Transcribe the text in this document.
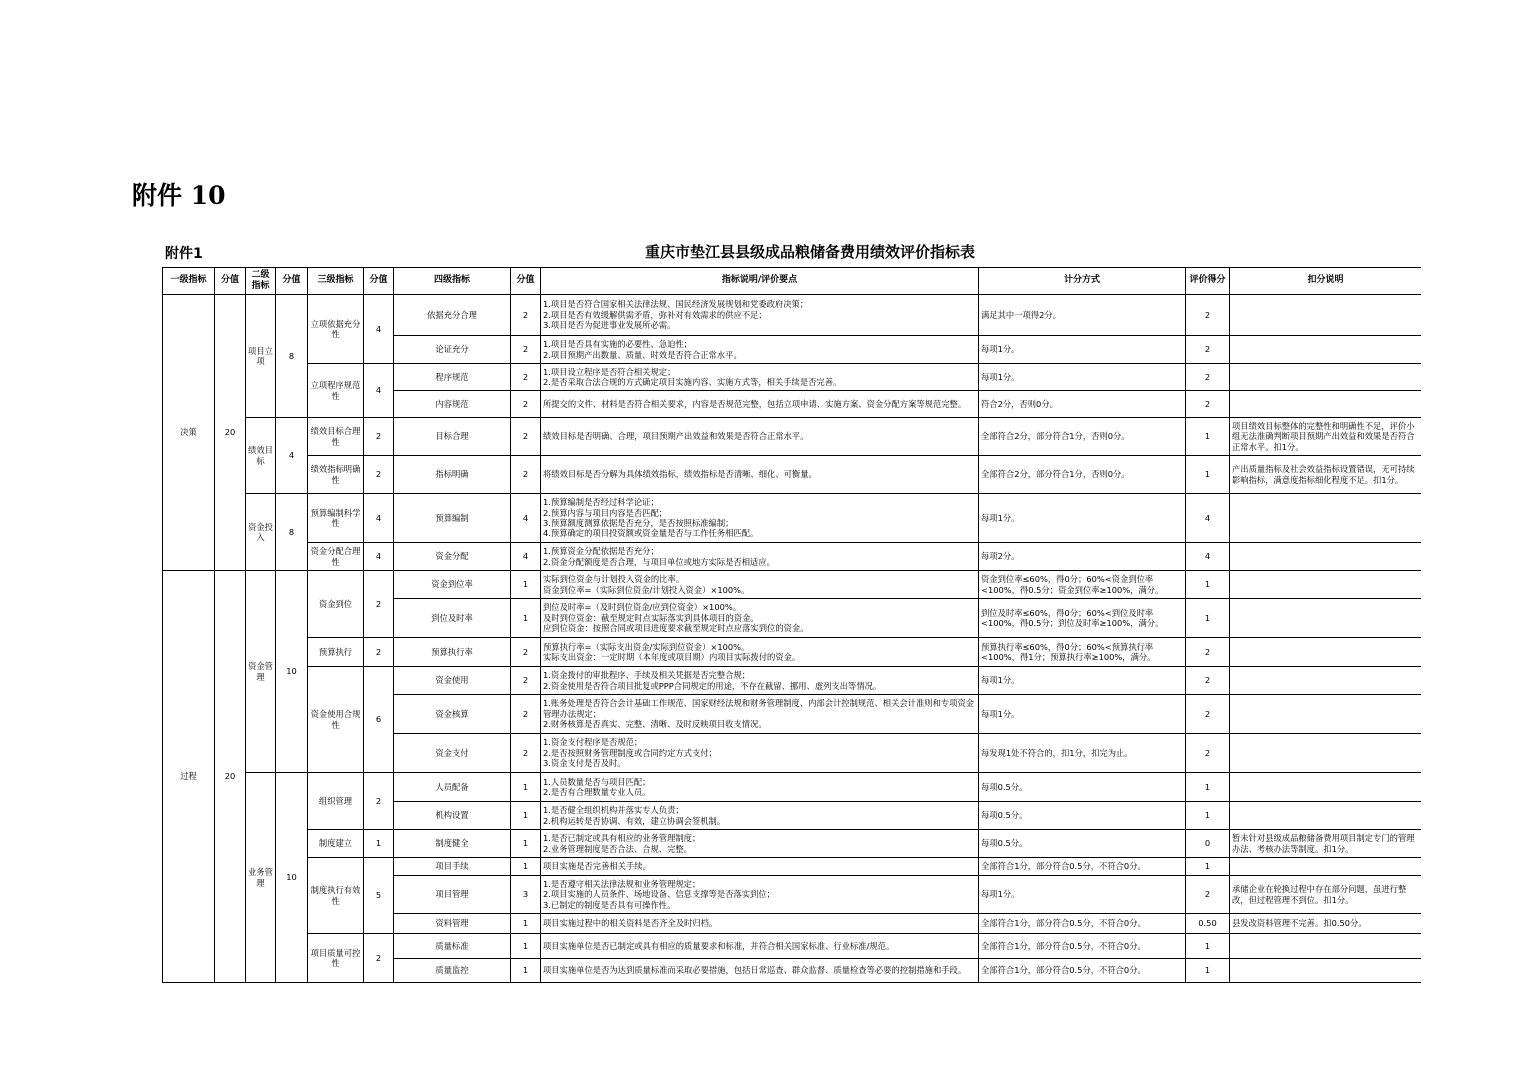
附件 10
附件1	重庆市垫江县县级成品粮储备费用绩效评价指标表
一级指标	分值	二级指标	分值	三级指标	分值	四级指标	分值	指标说明/评价要点	计分方式	评价得分	扣分说明
决策	20	项目立项	8	立项依据充分性	4	依据充分合理	2	1.项目是否符合国家相关法律法规、国民经济发展规划和党委政府决策；
2.项目是否有效缓解供需矛盾，弥补对有效需求的供应不足；
3.项目是否为促进事业发展所必需。	满足其中一项得2分。	2	
						论证充分	2	1.项目是否具有实施的必要性、急迫性；
2.项目预期产出数量、质量、时效是否符合正常水平。	每项1分。	2	
				立项程序规范性	4	程序规范	2	1.项目设立程序是否符合相关规定；
2.是否采取合法合规的方式确定项目实施内容、实施方式等，相关手续是否完善。	每项1分。	2	
						内容规范	2	所提交的文件、材料是否符合相关要求，内容是否规范完整，包括立项申请、实施方案、资金分配方案等规范完整。	符合2分，否则0分。	2	
		绩效目标	4	绩效目标合理性	2	目标合理	2	绩效目标是否明确、合理，项目预期产出效益和效果是否符合正常水平。	全部符合2分，部分符合1分，否则0分。	1	项目绩效目标整体的完整性和明确性不足，评价小组无法准确判断项目预期产出效益和效果是否符合正常水平。扣1分。
				绩效指标明确性	2	指标明确	2	将绩效目标是否分解为具体绩效指标，绩效指标是否清晰、细化、可衡量。	全部符合2分，部分符合1分，否则0分。	1	产出质量指标及社会效益指标设置错误，无可持续影响指标，满意度指标细化程度不足。扣1分。
		资金投入	8	预算编制科学性	4	预算编制	4	1.预算编制是否经过科学论证；
2.预算内容与项目内容是否匹配；
3.预算额度测算依据是否充分，是否按照标准编制；
4.预算确定的项目投资额或资金量是否与工作任务相匹配。	每项1分。	4	
				资金分配合理性	4	资金分配	4	1.预算资金分配依据是否充分；
2.资金分配额度是否合理，与项目单位或地方实际是否相适应。	每项2分。	4	
过程	20	资金管理	10	资金到位	2	资金到位率	1	实际到位资金与计划投入资金的比率。
资金到位率=（实际到位资金/计划投入资金）×100%。	资金到位率≤60%，得0分；60%<资金到位率<100%，得0.5分；资金到位率≥100%，满分。	1	
						到位及时率	1	到位及时率=（及时到位资金/应到位资金）×100%。
及时到位资金：截至规定时点实际落实到具体项目的资金。
应到位资金：按照合同或项目进度要求截至规定时点应落实到位的资金。	到位及时率≤60%，得0分；60%<到位及时率<100%，得0.5分；到位及时率≥100%，满分。	1	
				预算执行	2	预算执行率	2	预算执行率=（实际支出资金/实际到位资金）×100%。
实际支出资金：一定时期（本年度或项目期）内项目实际拨付的资金。	预算执行率≤60%，得0分；60%<预算执行率<100%，得1分；预算执行率≥100%，满分。	2	
				资金使用合规性	6	资金使用	2	1.资金拨付的审批程序、手续及相关凭据是否完整合规；
2.资金使用是否符合项目批复或PPP合同规定的用途，不存在截留、挪用、虚列支出等情况。	每项1分。	2	
						资金核算	2	1.账务处理是否符合会计基础工作规范、国家财经法规和财务管理制度、内部会计控制规范、相关会计准则和专项资金管理办法规定；
2.财务核算是否真实、完整、清晰、及时反映项目收支情况。	每项1分。	2	
						资金支付	2	1.资金支付程序是否规范；
2.是否按照财务管理制度或合同约定方式支付；
3.资金支付是否及时。	每发现1处不符合的，扣1分，扣完为止。	2	
		业务管理	10	组织管理	2	人员配备	1	1.人员数量是否与项目匹配；
2.是否有合理数量专业人员。	每项0.5分。	1	
						机构设置	1	1.是否健全组织机构并落实专人负责；
2.机构运转是否协调、有效，建立协调会签机制。	每项0.5分。	1	
				制度建立	1	制度健全	1	1.是否已制定或具有相应的业务管理制度；
2.业务管理制度是否合法、合规、完整。	每项0.5分。	0	暂未针对县级成品粮储备费用项目制定专门的管理办法、考核办法等制度。扣1分。
				制度执行有效性	5	项目手续	1	项目实施是否完善相关手续。	全部符合1分，部分符合0.5分，不符合0分。	1	
						项目管理	3	1.是否遵守相关法律法规和业务管理规定；
2.项目实施的人员条件、场地设备、信息支撑等是否落实到位；
3.已制定的制度是否具有可操作性。	每项1分。	2	承储企业在轮换过程中存在部分问题，虽进行整改，但过程管理不到位。扣1分。
						资料管理	1	项目实施过程中的相关资料是否齐全及时归档。	全部符合1分，部分符合0.5分，不符合0分。	0.50	县发改资料管理不完善。扣0.50分。
				项目质量可控性	2	质量标准	1	项目实施单位是否已制定或具有相应的质量要求和标准，并符合相关国家标准、行业标准/规范。	全部符合1分，部分符合0.5分，不符合0分。	1	
						质量监控	1	项目实施单位是否为达到质量标准而采取必要措施，包括日常巡查、群众监督、质量检查等必要的控制措施和手段。	全部符合1分，部分符合0.5分，不符合0分。	1	
